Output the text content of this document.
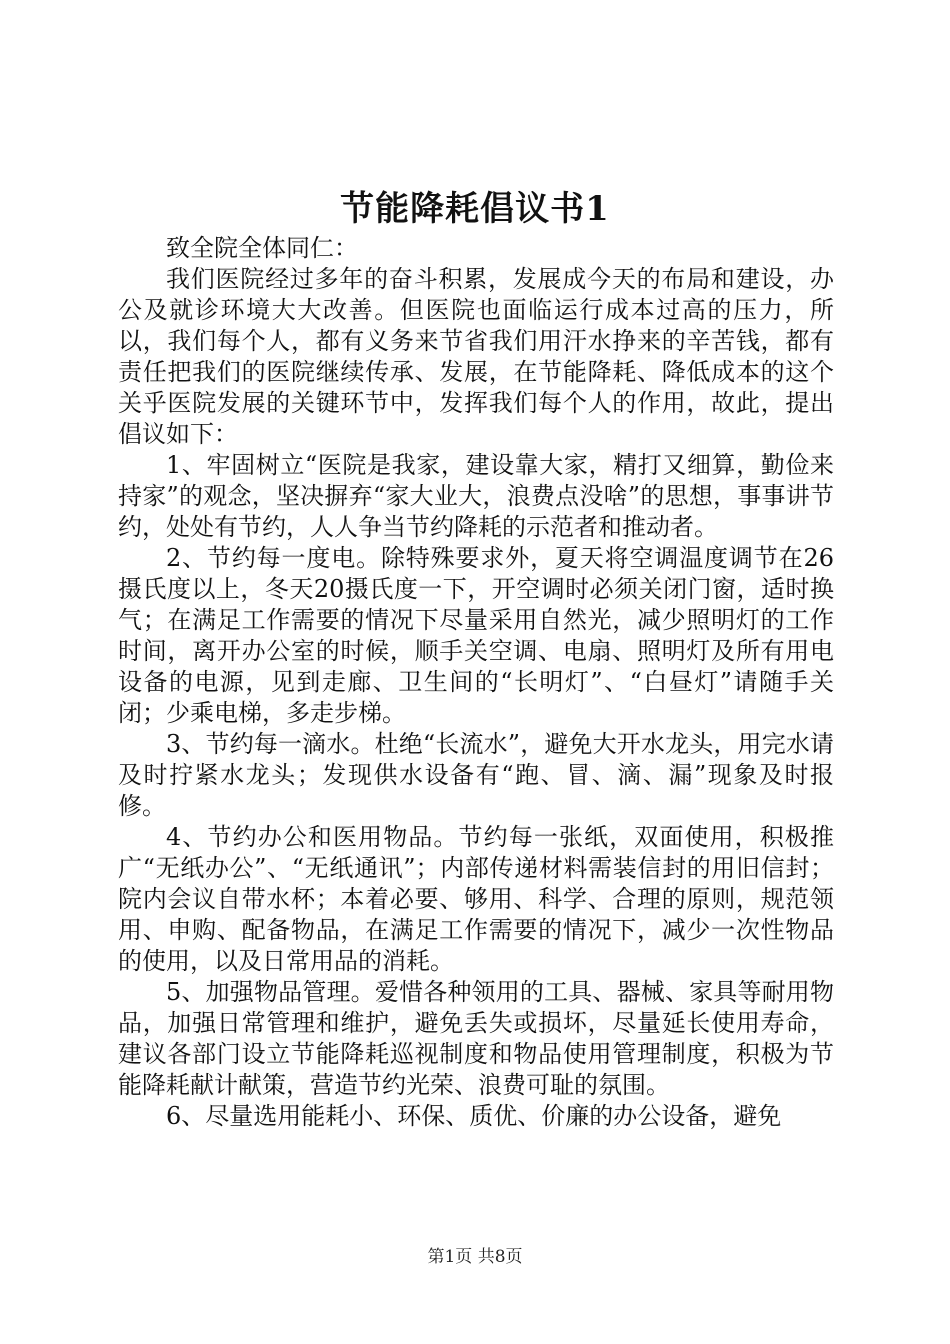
节能降耗倡议书1

致全院全体同仁：

我们医院经过多年的奋斗积累，发展成今天的布局和建设，办公及就诊环境大大改善。但医院也面临运行成本过高的压力，所以，我们每个人，都有义务来节省我们用汗水挣来的辛苦钱，都有责任把我们的医院继续传承、发展，在节能降耗、降低成本的这个关乎医院发展的关键环节中，发挥我们每个人的作用，故此，提出倡议如下：

1、牢固树立“医院是我家，建设靠大家，精打又细算，勤俭来持家”的观念，坚决摒弃“家大业大，浪费点没啥”的思想，事事讲节约，处处有节约，人人争当节约降耗的示范者和推动者。

2、节约每一度电。除特殊要求外，夏天将空调温度调节在26摄氏度以上，冬天20摄氏度一下，开空调时必须关闭门窗，适时换气；在满足工作需要的情况下尽量采用自然光，减少照明灯的工作时间，离开办公室的时候，顺手关空调、电扇、照明灯及所有用电设备的电源，见到走廊、卫生间的“长明灯”、“白昼灯”请随手关闭；少乘电梯，多走步梯。

3、节约每一滴水。杜绝“长流水”，避免大开水龙头，用完水请及时拧紧水龙头；发现供水设备有“跑、冒、滴、漏”现象及时报修。

4、节约办公和医用物品。节约每一张纸，双面使用，积极推广“无纸办公”、“无纸通讯”；内部传递材料需装信封的用旧信封；院内会议自带水杯；本着必要、够用、科学、合理的原则，规范领用、申购、配备物品，在满足工作需要的情况下，减少一次性物品的使用，以及日常用品的消耗。

5、加强物品管理。爱惜各种领用的工具、器械、家具等耐用物品，加强日常管理和维护，避免丢失或损坏，尽量延长使用寿命，建议各部门设立节能降耗巡视制度和物品使用管理制度，积极为节能降耗献计献策，营造节约光荣、浪费可耻的氛围。

6、尽量选用能耗小、环保、质优、价廉的办公设备，避免

第1页 共8页
